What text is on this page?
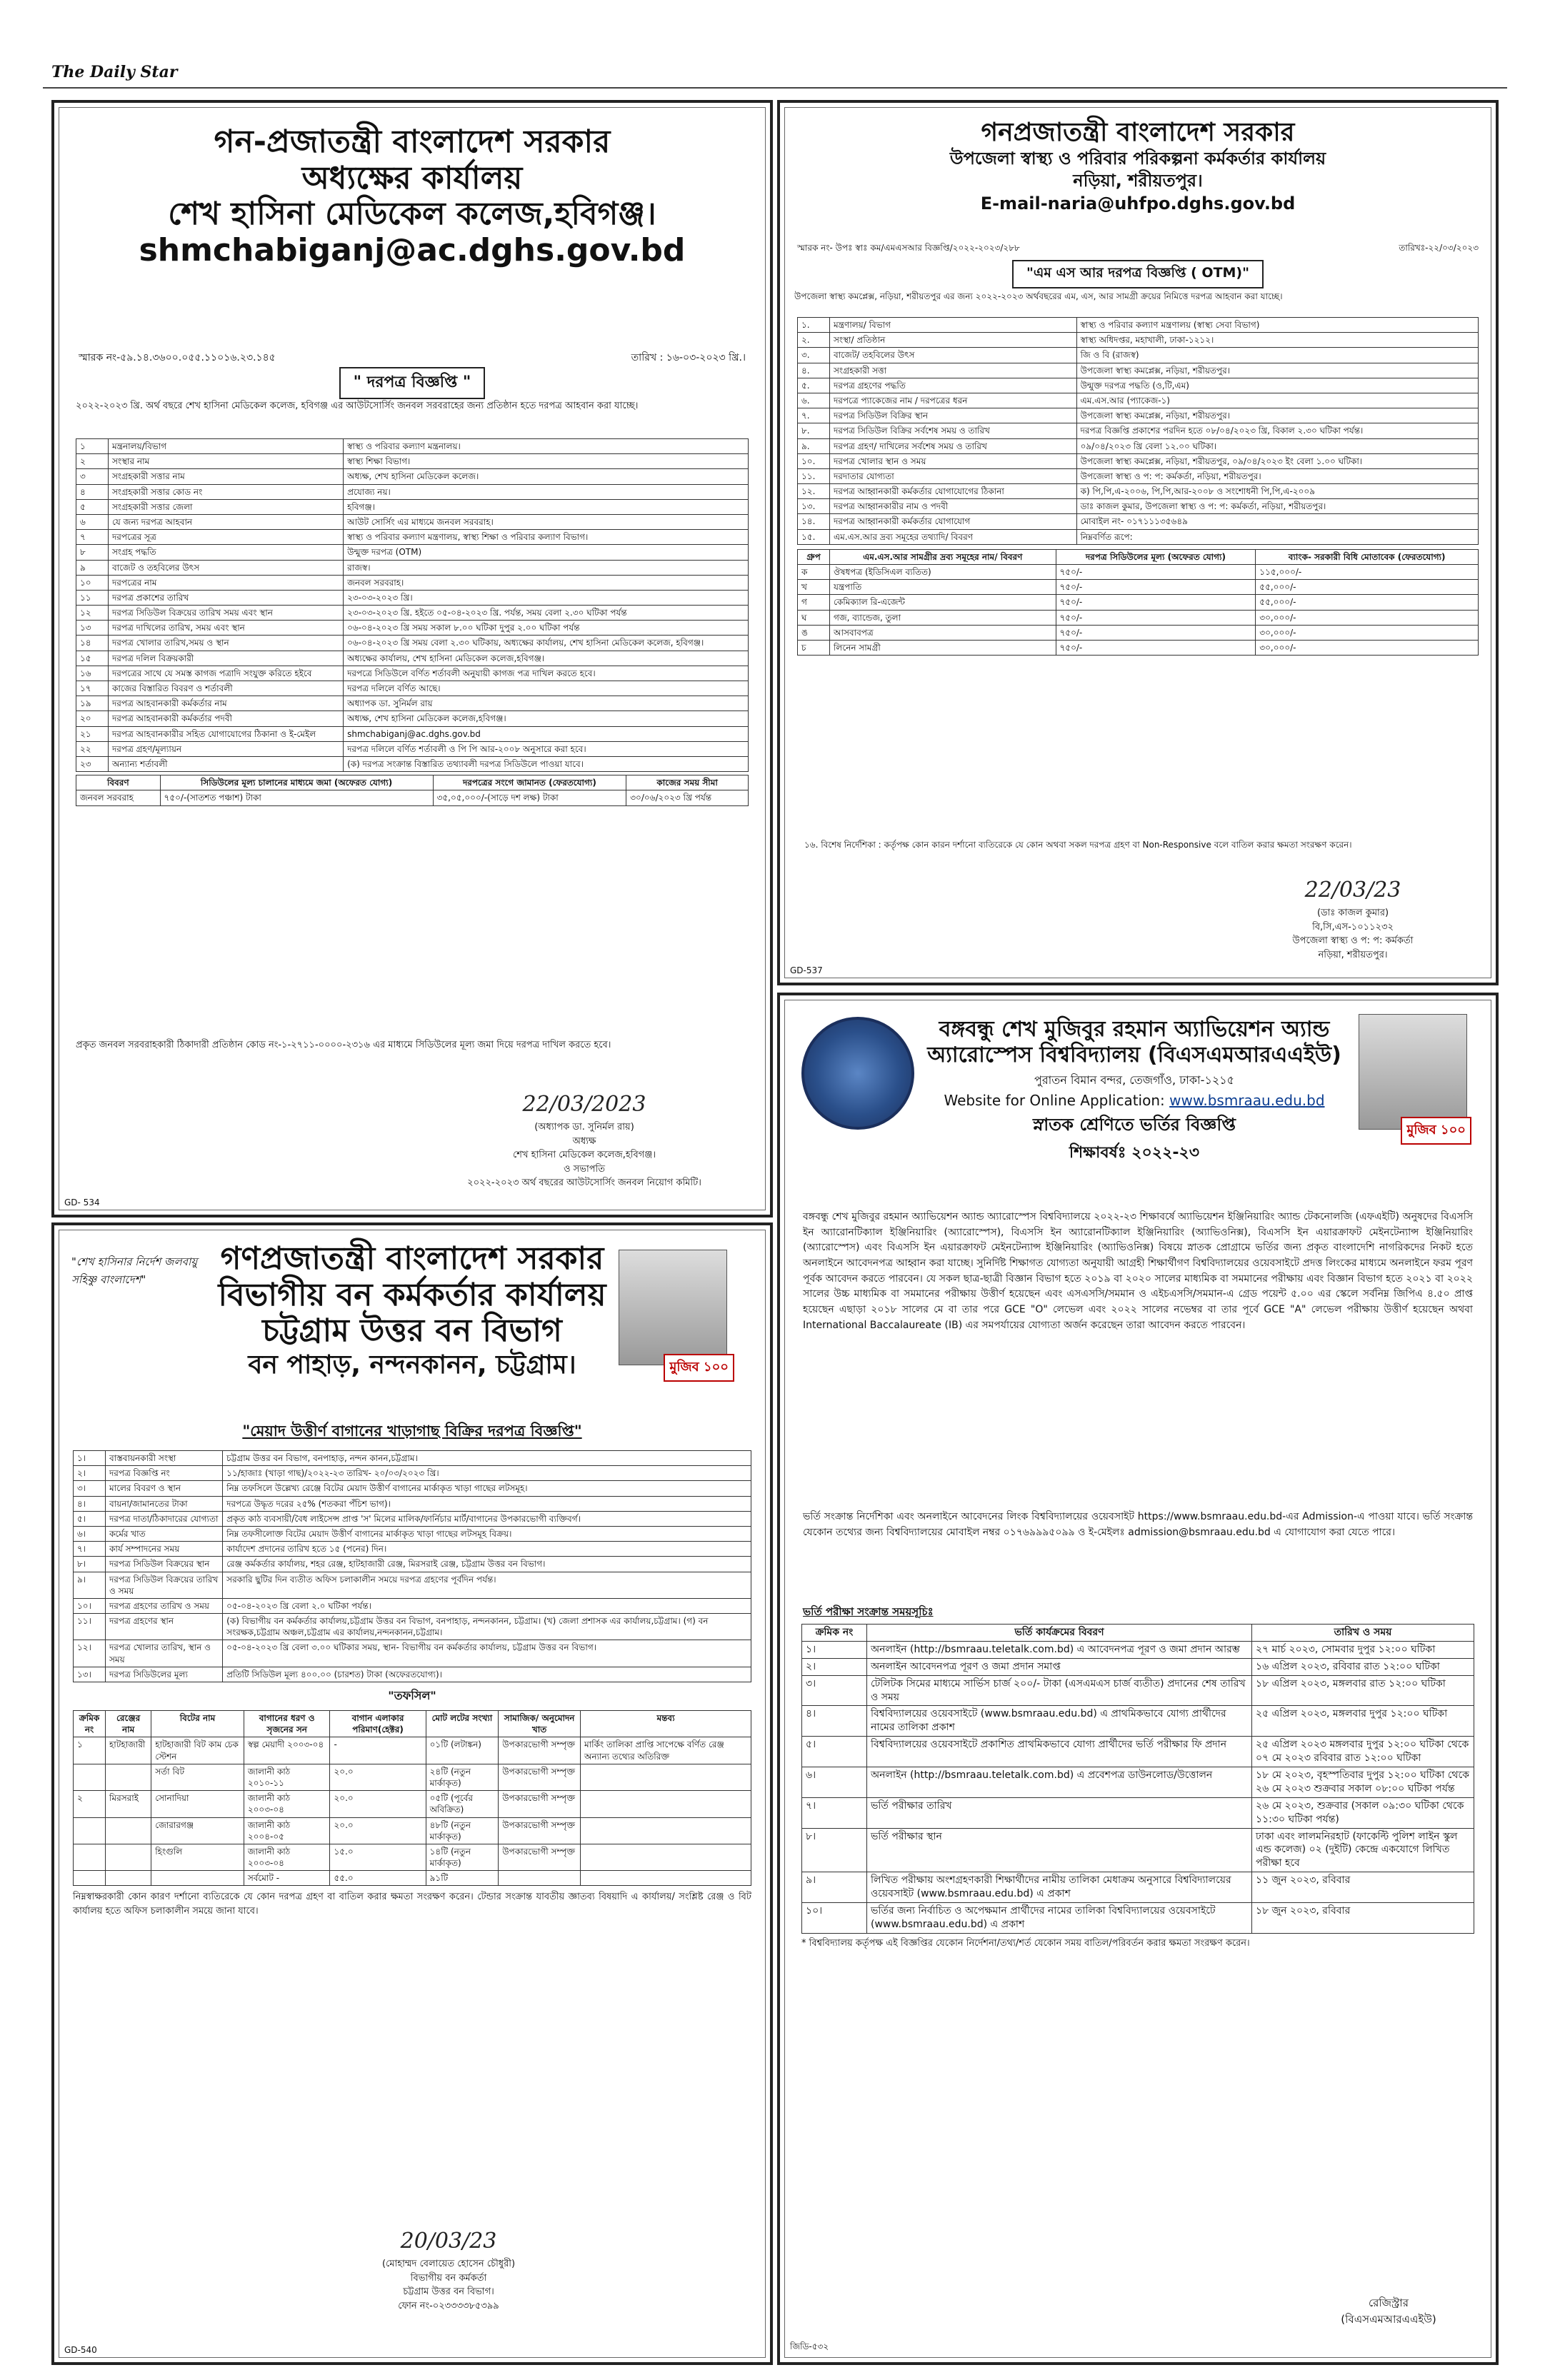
The Daily Star
গন-প্রজাতন্ত্রী বাংলাদেশ সরকার
অধ্যক্ষের কার্যালয়
শেখ হাসিনা মেডিকেল কলেজ,হবিগঞ্জ।
shmchabiganj@ac.dghs.gov.bd
স্মারক নং-৫৯.১৪.৩৬০০.০৫৫.১১০১৬.২৩.১৪৫	তারিখ : ১৬-০৩-২০২৩ খ্রি.।
" দরপত্র বিজ্ঞপ্তি "
২০২২-২০২৩ খ্রি. অর্থ বছরে শেখ হাসিনা মেডিকেল কলেজ, হবিগঞ্জ এর আউটসোর্সিং জনবল সরবরাহের জন্য প্রতিষ্ঠান হতে দরপত্র আহবান করা যাচ্ছে।
১	মন্ত্রনালয়/বিভাগ	স্বাস্থ্য ও পরিবার কল্যাণ মন্ত্রনালয়।
২	সংস্থার নাম	স্বাস্থ্য শিক্ষা বিভাগ।
৩	সংগ্রহকারী সত্তার নাম	অধ্যক্ষ, শেখ হাসিনা মেডিকেল কলেজ।
৪	সংগ্রহকারী সত্তার কোড নং	প্রযোজ্য নয়।
৫	সংগ্রহকারী সত্তার জেলা	হবিগঞ্জ।
৬	যে জন্য দরপত্র আহবান	আউট সোর্সিং এর মাধ্যমে জনবল সরবরাহ।
৭	দরপত্রের সূত্র	স্বাস্থ্য ও পরিবার কল্যাণ মন্ত্রণালয়, স্বাস্থ্য শিক্ষা ও পরিবার কল্যাণ বিভাগ।
৮	সংগ্রহ পদ্ধতি	উন্মুক্ত দরপত্র (OTM)
৯	বাজেট ও তহবিলের উৎস	রাজস্ব।
১০	দরপত্রের নাম	জনবল সরবরাহ।
১১	দরপত্র প্রকাশের তারিখ	২৩-০৩-২০২৩ খ্রি।
১২	দরপত্র সিডিউল বিক্রয়ের তারিখ সময় এবং স্থান	২৩-০৩-২০২৩ খ্রি. হইতে ০৫-০৪-২০২৩ খ্রি. পর্যন্ত, সময় বেলা ২.৩০ ঘটিকা পর্যন্ত
১৩	দরপত্র দাখিলের তারিখ, সময় এবং স্থান	০৬-০৪-২০২৩ খ্রি সময় সকাল ৮.০০ ঘটিকা দুপুর ২.০০ ঘটিকা পর্যন্ত
১৪	দরপত্র খোলার তারিখ,সময় ও স্থান	০৬-০৪-২০২৩ খ্রি সময় বেলা ২.৩০ ঘটিকায়, অধ্যক্ষের কার্যালয়, শেখ হাসিনা মেডিকেল কলেজ, হবিগঞ্জ।
১৫	দরপত্র দলিল বিক্রয়কারী	অধ্যক্ষের কার্যালয়, শেখ হাসিনা মেডিকেল কলেজ,হবিগঞ্জ।
১৬	দরপত্রের সাথে যে সমস্ত কাগজ পত্রাদি সংযুক্ত করিতে হইবে	দরপত্রে সিডিউলে বর্ণিত শর্তাবলী অনুযায়ী কাগজ পত্র দাখিল করতে হবে।
১৭	কাজের বিস্তারিত বিবরণ ও শর্তাবলী	দরপত্র দলিলে বর্ণিত আছে।
১৯	দরপত্র আহবানকারী কর্মকর্তার নাম	অধ্যাপক ডা. সুনির্মল রায়
২০	দরপত্র আহবানকারী কর্মকর্তার পদবী	অধ্যক্ষ, শেখ হাসিনা মেডিকেল কলেজ,হবিগঞ্জ।
২১	দরপত্র আহবানকারীর সহিত যোগাযোগের ঠিকানা ও ই-মেইল	shmchabiganj@ac.dghs.gov.bd
২২	দরপত্র গ্রহণ/মূল্যায়ন	দরপত্র দলিলে বর্ণিত শর্তাবলী ও পি পি আর-২০০৮ অনুসারে করা হবে।
২৩	অন্যান্য শর্তাবলী	(ক) দরপত্র সংক্রান্ত বিস্তারিত তথ্যাবলী দরপত্র সিডিউলে পাওয়া যাবে।
বিবরণ	সিডিউলের মূল্য চালানের মাধ্যমে জমা (অফেরত যোগ্য)	দরপত্রের সংগে জামানত (ফেরতযোগ্য)	কাজের সময় সীমা
জনবল সরবরাহ	৭৫০/-(সাতশত পঞ্চাশ) টাকা	৩৫,০৫,০০০/-(সাড়ে দশ লক্ষ) টাকা	৩০/০৬/২০২৩ খ্রি পর্যন্ত
প্রকৃত জনবল সরবরাহকারী ঠিকাদারী প্রতিষ্ঠান কোড নং-১-২৭১১-০০০০-২৩১৬ এর মাধ্যমে সিডিউলের মূল্য জমা দিয়ে দরপত্র দাখিল করতে হবে।
22/03/2023
(অধ্যাপক ডা. সুনির্মল রায়)
অধ্যক্ষ
শেখ হাসিনা মেডিকেল কলেজ,হবিগঞ্জ।
ও সভাপতি
২০২২-২০২৩ অর্থ বছরের আউটসোর্সিং জনবল নিয়োগ কমিটি।
GD- 534
গনপ্রজাতন্ত্রী বাংলাদেশ সরকার
উপজেলা স্বাস্থ্য ও পরিবার পরিকল্পনা কর্মকর্তার কার্যালয়
নড়িয়া, শরীয়তপুর।
E-mail-naria@uhfpo.dghs.gov.bd
স্মারক নং- উপঃ স্বাঃ কম/এমএসআর বিজ্ঞপ্তি/২০২২-২০২৩/২৮৮	তারিখঃ-২২/০৩/২০২৩
"এম এস আর দরপত্র বিজ্ঞপ্তি ( OTM)"
উপজেলা স্বাস্থ্য কমপ্লেক্স, নড়িয়া, শরীয়তপুর এর জন্য ২০২২-২০২৩ অর্থবছরের এম, এস, আর সামগ্রী ক্রয়ের নিমিত্তে দরপত্র আহবান করা যাচ্ছে।
১.	মন্ত্রণালয়/ বিভাগ	স্বাস্থ্য ও পরিবার কল্যাণ মন্ত্রণালয় (স্বাস্থ্য সেবা বিভাগ)
২.	সংস্থা/ প্রতিষ্ঠান	স্বাস্থ্য অধিদপ্তর, মহাখালী, ঢাকা-১২১২।
৩.	বাজেট/ তহবিলের উৎস	জি ও বি (রাজস্ব)
৪.	সংগ্রহকারী সত্তা	উপজেলা স্বাস্থ্য কমপ্লেক্স, নড়িয়া, শরীয়তপুর।
৫.	দরপত্র গ্রহণের পদ্ধতি	উন্মুক্ত দরপত্র পদ্ধতি (ও,টি,এম)
৬.	দরপত্রে প্যাকেজের নাম / দরপত্রের ধরন	এম.এস.আর (প্যাকেজ-১)
৭.	দরপত্র সিডিউল বিক্রির স্থান	উপজেলা স্বাস্থ্য কমপ্লেক্স, নড়িয়া, শরীয়তপুর।
৮.	দরপত্র সিডিউল বিক্রির সর্বশেষ সময় ও তারিখ	দরপত্র বিজ্ঞপ্তি প্রকাশের পরদিন হতে ০৮/০৪/২০২৩ খ্রি, বিকাল ২.৩০ ঘটিকা পর্যন্ত।
৯.	দরপত্র গ্রহণ/ দাখিলের সর্বশেষ সময় ও তারিখ	০৯/০৪/২০২৩ খ্রি বেলা ১২.০০ ঘটিকা।
১০.	দরপত্র খোলার স্থান ও সময়	উপজেলা স্বাস্থ্য কমপ্লেক্স, নড়িয়া, শরীয়তপুর, ০৯/০৪/২০২৩ ইং বেলা ১.০০ ঘটিকা।
১১.	দরদাতার যোগ্যতা	উপজেলা স্বাস্থ্য ও প: প: কর্মকর্তা, নড়িয়া, শরীয়তপুর।
১২.	দরপত্র আহ্বানকারী কর্মকর্তার যোগাযোগের ঠিকানা	ক) পি,পি,এ-২০০৬, পি,পি,আর-২০০৮ ও সংশোধনী পি,পি,এ-২০০৯
১৩.	দরপত্র আহ্বানকারীর নাম ও পদবী	ডাঃ কাজল কুমার, উপজেলা স্বাস্থ্য ও প: প: কর্মকর্তা, নড়িয়া, শরীয়তপুর।
১৪.	দরপত্র আহ্বানকারী কর্মকর্তার যোগাযোগ	মোবাইল নং- ০১৭১১১৩৫৬৪৯
১৫.	এম.এস.আর দ্রব্য সমূহের তথ্যাদি/ বিবরণ	নিম্নবর্ণিত রূপে:
গ্রুপ	এম.এস.আর সামগ্রীর দ্রব্য সমূহের নাম/ বিবরণ	দরপত্র সিডিউলের মূল্য (অফেরত যোগ্য)	ব্যাংক- সরকারী বিধি মোতাবেক (ফেরতযোগ্য)
ক	ঔষধপত্র (ইডিসিএল ব্যতিত)	৭৫০/-	১১৫,০০০/-
খ	যন্ত্রপাতি	৭৫০/-	৫৫,০০০/-
গ	কেমিক্যাল রি-এজেন্ট	৭৫০/-	৫৫,০০০/-
ঘ	গজ, ব্যান্ডেজ, তুলা	৭৫০/-	৩০,০০০/-
ঙ	আসবাবপত্র	৭৫০/-	৩০,০০০/-
চ	লিনেন সামগ্রী	৭৫০/-	৩০,০০০/-
১৬. বিশেষ নির্দেশিকা : কর্তৃপক্ষ কোন কারন দর্শানো ব্যতিরেকে যে কোন অথবা সকল দরপত্র গ্রহণ বা Non-Responsive বলে বাতিল করার ক্ষমতা সংরক্ষণ করেন।
22/03/23
(ডাঃ কাজল কুমার)
বি,সি,এস-১০১১২৩২
উপজেলা স্বাস্থ্য ও প: প: কর্মকর্তা
নড়িয়া, শরীয়তপুর।
GD-537
"শেখ হাসিনার নির্দেশ জলবায়ু সহিষ্ণু বাংলাদেশ"
মুজিব ১০০
গণপ্রজাতন্ত্রী বাংলাদেশ সরকার
বিভাগীয় বন কর্মকর্তার কার্যালয়
চট্টগ্রাম উত্তর বন বিভাগ
বন পাহাড়, নন্দনকানন, চট্টগ্রাম।
"মেয়াদ উত্তীর্ণ বাগানের খাড়াগাছ বিক্রির দরপত্র বিজ্ঞপ্তি"
১।	বাস্তবায়নকারী সংস্থা	চট্টগ্রাম উত্তর বন বিভাগ, বনপাহাড়, নন্দন কানন,চট্টগ্রাম।
২।	দরপত্র বিজ্ঞপ্তি নং	১১/হাজাঃ (খাড়া গাছ)/২০২২-২৩ তারিখ- ২০/০৩/২০২৩ খ্রি।
৩।	মালের বিবরণ ও স্থান	নিম্ন তফসিলে উল্লেখ্য রেঞ্জে বিটের মেয়াদ উত্তীর্ণ বাগানের মার্কাকৃত খাড়া গাছের লটসমূহ।
৪।	বায়না/জামানতের টাকা	দরপত্রে উদ্ধৃত দরের ২৫% (শতকরা পঁচিশ ভাগ)।
৫।	দরপত্র দাতা/ঠিকাদারের যোগ্যতা	প্রকৃত কাঠ ব্যবসায়ী/বৈধ লাইসেন্স প্রাপ্ত 'স' মিলের মালিক/ফার্নিচার মার্ট/বাগানের উপকারভোগী ব্যক্তিবর্গ।
৬।	কর্মের খাত	নিম্ন তফসীলোক্ত বিটের মেয়াদ উত্তীর্ণ বাগানের মার্কাকৃত খাড়া গাছের লটসমূহ বিক্রয়।
৭।	কার্য সম্পাদনের সময়	কার্যাদেশ প্রদানের তারিখ হতে ১৫ (পনের) দিন।
৮।	দরপত্র সিডিউল বিক্রয়ের স্থান	রেঞ্জ কর্মকর্তার কার্যালয়, শহর রেঞ্জ, হাটহাজারী রেঞ্জ, মিরসরাই রেঞ্জ, চট্টগ্রাম উত্তর বন বিভাগ।
৯।	দরপত্র সিডিউল বিক্রয়ের তারিখ ও সময়	সরকারি ছুটির দিন ব্যতীত অফিস চলাকালীন সময়ে দরপত্র গ্রহণের পূর্বদিন পর্যন্ত।
১০।	দরপত্র গ্রহণের তারিখ ও সময়	০৫-০৪-২০২৩ খ্রি বেলা ২.০ ঘটিকা পর্যন্ত।
১১।	দরপত্র গ্রহণের স্থান	(ক) বিভাগীয় বন কর্মকর্তার কার্যালয়,চট্টগ্রাম উত্তর বন বিভাগ, বনপাহাড়, নন্দনকানন, চট্টগ্রাম। (খ) জেলা প্রশাসক এর কার্যালয়,চট্টগ্রাম। (গ) বন সংরক্ষক,চট্টগ্রাম অঞ্চল,চট্টগ্রাম এর কার্যালয়,নন্দনকানন,চট্টগ্রাম।
১২।	দরপত্র খোলার তারিখ, স্থান ও সময়	০৫-০৪-২০২৩ খ্রি বেলা ৩.০০ ঘটিকার সময়, স্থান- বিভাগীয় বন কর্মকর্তার কার্যালয়, চট্টগ্রাম উত্তর বন বিভাগ।
১৩।	দরপত্র সিডিউলের মূল্য	প্রতিটি সিডিউল মূল্য ৪০০.০০ (চারশত) টাকা (অফেরতযোগ্য)।
"তফসিল"
ক্রমিক নং	রেঞ্জের নাম	বিটের নাম	বাগানের ধরণ ও সৃজনের সন	বাগান এলাকার পরিমাণ(হেক্টর)	মোট লটের সংখ্যা	সামাজিক/ অনুমোদন খাত	মন্তব্য
১	হাটহাজারী	হাটহাজারী বিট কাম চেক স্টেশন	স্বল্প মেয়াদী ২০০৩-০৪	-	০১টি (লটাঙ্কন)	উপকারভোগী সম্পৃক্ত	মার্কিং তালিকা প্রাপ্তি সাপেক্ষে বর্ণিত রেঞ্জ অন্যান্য তথ্যের অতিরিক্ত
		সর্তা বিট	জালানী কাঠ ২০১০-১১	২০.০	২৪টি (নতুন মার্কাকৃত)	উপকারভোগী সম্পৃক্ত	
২	মিরসরাই	সোনাদিয়া	জালানী কাঠ ২০০৩-০৪	২০.০	০৫টি (পূর্বের অবিক্রিত)	উপকারভোগী সম্পৃক্ত	
		জোরারগঞ্জ	জালানী কাঠ ২০০৪-০৫	২০.০	৪৮টি (নতুন মার্কাকৃত)	উপকারভোগী সম্পৃক্ত	
		হিংগুলি	জালানী কাঠ ২০০৩-০৪	১৫.০	১৪টি (নতুন মার্কাকৃত)	উপকারভোগী সম্পৃক্ত	
			সর্বমোট -	৫৫.০	৯১টি		
নিম্নস্বাক্ষরকারী কোন কারণ দর্শানো ব্যতিরেকে যে কোন দরপত্র গ্রহণ বা বাতিল করার ক্ষমতা সংরক্ষণ করেন। টেন্ডার সংক্রান্ত যাবতীয় জ্ঞাতব্য বিষয়াদি এ কার্যালয়/ সংশ্লিষ্ট রেঞ্জ ও বিট কার্যালয় হতে অফিস চলাকালীন সময়ে জানা যাবে।
20/03/23
(মোহাম্মদ বেলায়েত হোসেন চৌধুরী)
বিভাগীয় বন কর্মকর্তা
চট্টগ্রাম উত্তর বন বিভাগ।
ফোন নং-০২৩৩৩৩৮৫৩৯৯
GD-540
মুজিব ১০০
বঙ্গবন্ধু শেখ মুজিবুর রহমান অ্যাভিয়েশন অ্যান্ড
অ্যারোস্পেস বিশ্ববিদ্যালয় (বিএসএমআরএএইউ)
পুরাতন বিমান বন্দর, তেজগাঁও, ঢাকা-১২১৫
Website for Online Application: www.bsmraau.edu.bd
স্নাতক শ্রেণিতে ভর্তির বিজ্ঞপ্তি
শিক্ষাবর্ষঃ ২০২২-২৩
বঙ্গবন্ধু শেখ মুজিবুর রহমান অ্যাভিয়েশন অ্যান্ড অ্যারোস্পেস বিশ্ববিদ্যালয়ে ২০২২-২৩ শিক্ষাবর্ষে অ্যাভিয়েশন ইঞ্জিনিয়ারিং অ্যান্ড টেকনোলজি (এফএইটি) অনুষদের বিএসসি ইন অ্যারোনটিক্যাল ইঞ্জিনিয়ারিং (অ্যারোস্পেস), বিএসসি ইন অ্যারোনটিক্যাল ইঞ্জিনিয়ারিং (অ্যাভিওনিক্স), বিএসসি ইন এয়ারক্রাফট মেইনটেন্যান্স ইঞ্জিনিয়ারিং (অ্যারোস্পেস) এবং বিএসসি ইন এয়ারক্রাফট মেইনটেন্যান্স ইঞ্জিনিয়ারিং (অ্যাভিওনিক্স) বিষয়ে স্নাতক প্রোগ্রামে ভর্তির জন্য প্রকৃত বাংলাদেশি নাগরিকদের নিকট হতে অনলাইনে আবেদনপত্র আহ্বান করা যাচ্ছে। সুনির্দিষ্ট শিক্ষাগত যোগ্যতা অনুযায়ী আগ্রহী শিক্ষার্থীগণ বিশ্ববিদ্যালয়ের ওয়েবসাইটে প্রদত্ত লিংকের মাধ্যমে অনলাইনে ফরম পূরণ পূর্বক আবেদন করতে পারবেন। যে সকল ছাত্র-ছাত্রী বিজ্ঞান বিভাগ হতে ২০১৯ বা ২০২০ সালের মাধ্যমিক বা সমমানের পরীক্ষায় এবং বিজ্ঞান বিভাগ হতে ২০২১ বা ২০২২ সালের উচ্চ মাধ্যমিক বা সমমানের পরীক্ষায় উত্তীর্ণ হয়েছেন এবং এসএসসি/সমমান ও এইচএসসি/সমমান-এ গ্রেড পয়েন্ট ৫.০০ এর স্কেলে সর্বনিম্ন জিপিএ ৪.৫০ প্রাপ্ত হয়েছেন এছাড়া ২০১৮ সালের মে বা তার পরে GCE "O" লেভেল এবং ২০২২ সালের নভেম্বর বা তার পূর্বে GCE "A" লেভেল পরীক্ষায় উত্তীর্ণ হয়েছেন অথবা International Baccalaureate (IB) এর সমপর্যায়ের যোগ্যতা অর্জন করেছেন তারা আবেদন করতে পারবেন।
ভর্তি সংক্রান্ত নির্দেশিকা এবং অনলাইনে আবেদনের লিংক বিশ্ববিদ্যালয়ের ওয়েবসাইট https://www.bsmraau.edu.bd-এর Admission-এ পাওয়া যাবে। ভর্তি সংক্রান্ত যেকোন তথ্যের জন্য বিশ্ববিদ্যালয়ের মোবাইল নম্বর ০১৭৬৯৯৯৫০৯৯ ও ই-মেইলঃ admission@bsmraau.edu.bd এ যোগাযোগ করা যেতে পারে।
ভর্তি পরীক্ষা সংক্রান্ত সময়সূচিঃ
ক্রমিক নং	ভর্তি কার্যক্রমের বিবরণ	তারিখ ও সময়
১।	অনলাইন (http://bsmraau.teletalk.com.bd) এ আবেদনপত্র পূরণ ও জমা প্রদান আরম্ভ	২৭ মার্চ ২০২৩, সোমবার দুপুর ১২:০০ ঘটিকা
২।	অনলাইন আবেদনপত্র পূরণ ও জমা প্রদান সমাপ্ত	১৬ এপ্রিল ২০২৩, রবিবার রাত ১২:০০ ঘটিকা
৩।	টেলিটক সিমের মাধ্যমে সার্ভিস চার্জ ২০০/- টাকা (এসএমএস চার্জ ব্যতীত) প্রদানের শেষ তারিখ ও সময়	১৮ এপ্রিল ২০২৩, মঙ্গলবার রাত ১২:০০ ঘটিকা
৪।	বিশ্ববিদ্যালয়ের ওয়েবসাইটে (www.bsmraau.edu.bd) এ প্রাথমিকভাবে যোগ্য প্রার্থীদের নামের তালিকা প্রকাশ	২৫ এপ্রিল ২০২৩, মঙ্গলবার দুপুর ১২:০০ ঘটিকা
৫।	বিশ্ববিদ্যালয়ের ওয়েবসাইটে প্রকাশিত প্রাথমিকভাবে যোগ্য প্রার্থীদের ভর্তি পরীক্ষার ফি প্রদান	২৫ এপ্রিল ২০২৩ মঙ্গলবার দুপুর ১২:০০ ঘটিকা থেকে ০৭ মে ২০২৩ রবিবার রাত ১২:০০ ঘটিকা
৬।	অনলাইন (http://bsmraau.teletalk.com.bd) এ প্রবেশপত্র ডাউনলোড/উত্তোলন	১৮ মে ২০২৩, বৃহস্পতিবার দুপুর ১২:০০ ঘটিকা থেকে ২৬ মে ২০২৩ শুক্রবার সকাল ০৮:০০ ঘটিকা পর্যন্ত
৭।	ভর্তি পরীক্ষার তারিখ	২৬ মে ২০২৩, শুক্রবার (সকাল ০৯:৩০ ঘটিকা থেকে ১১:৩০ ঘটিকা পর্যন্ত)
৮।	ভর্তি পরীক্ষার স্থান	ঢাকা এবং লালমনিরহাট (ফাকেল্টি পুলিশ লাইন স্কুল এন্ড কলেজ) ০২ (দুইটি) কেন্দ্রে একযোগে লিখিত পরীক্ষা হবে
৯।	লিখিত পরীক্ষায় অংশগ্রহণকারী শিক্ষার্থীদের নামীয় তালিকা মেধাক্রম অনুসারে বিশ্ববিদ্যালয়ের ওয়েবসাইট (www.bsmraau.edu.bd) এ প্রকাশ	১১ জুন ২০২৩, রবিবার
১০।	ভর্তির জন্য নির্বাচিত ও অপেক্ষমান প্রার্থীদের নামের তালিকা বিশ্ববিদ্যালয়ের ওয়েবসাইটে (www.bsmraau.edu.bd) এ প্রকাশ	১৮ জুন ২০২৩, রবিবার
* বিশ্ববিদ্যালয় কর্তৃপক্ষ এই বিজ্ঞপ্তির যেকোন নির্দেশনা/তথ্য/শর্ত যেকোন সময় বাতিল/পরিবর্তন করার ক্ষমতা সংরক্ষণ করেন।
রেজিস্ট্রার
(বিএসএমআরএএইউ)
জিডি-৫৩২
